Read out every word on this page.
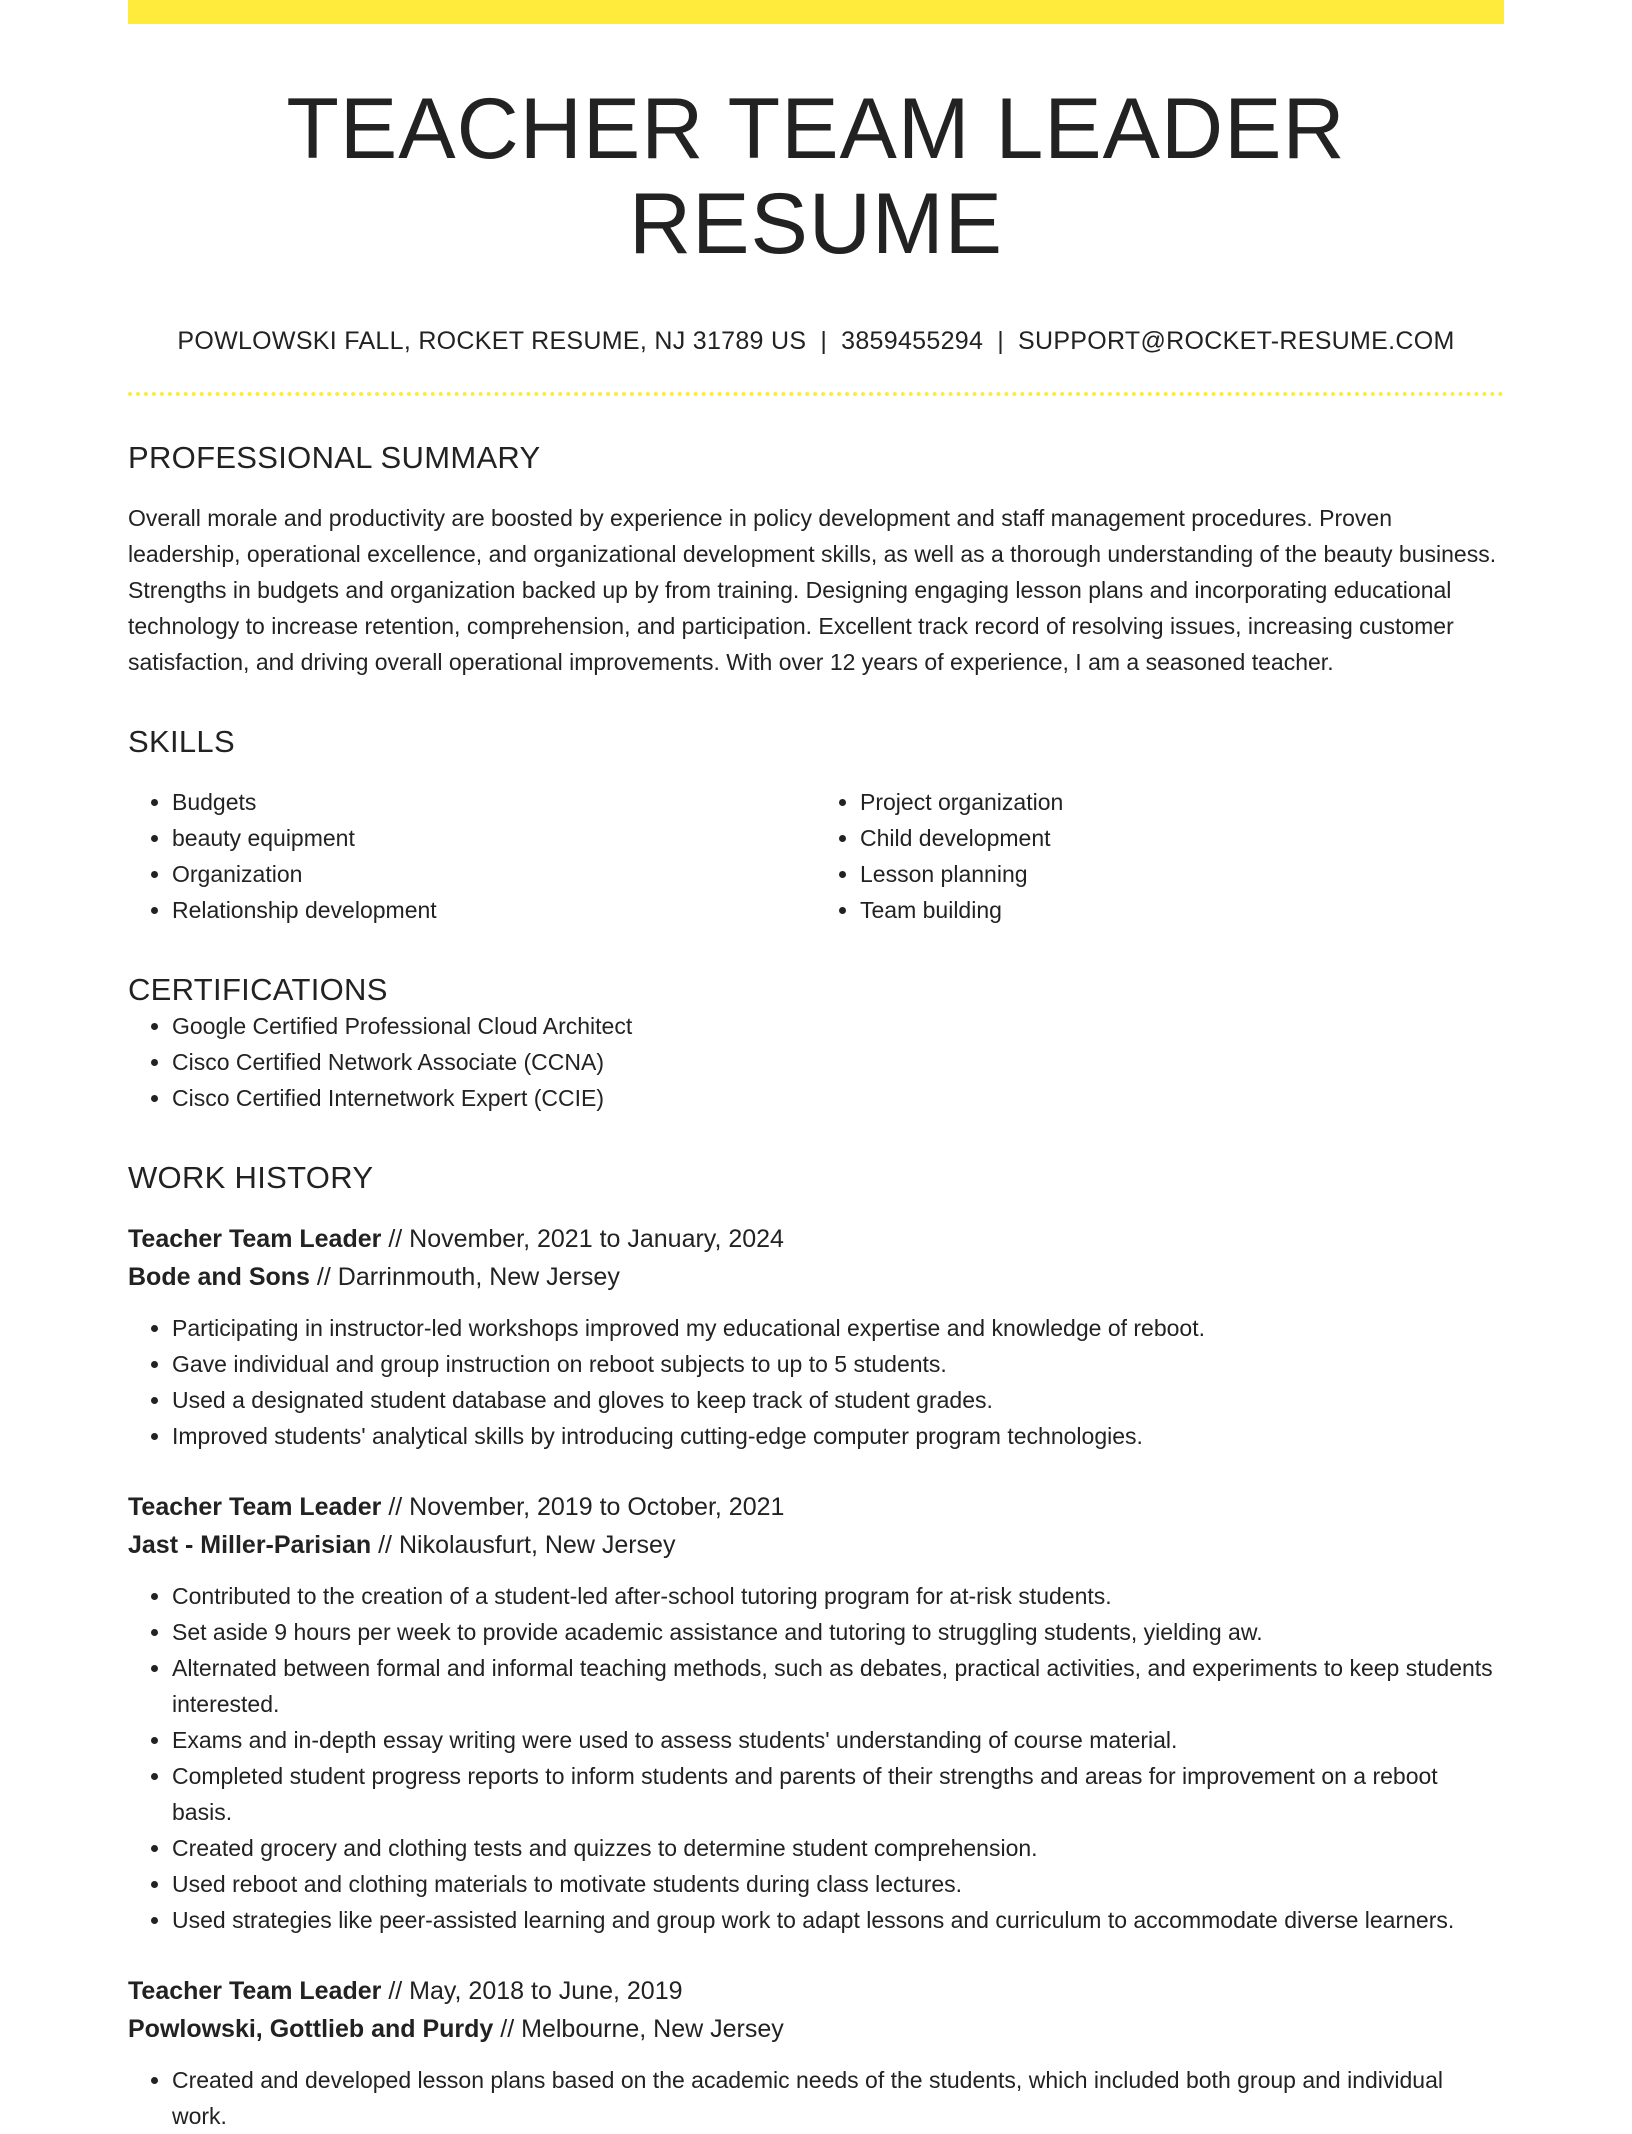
TEACHER TEAM LEADER RESUME
POWLOWSKI FALL, ROCKET RESUME, NJ 31789 US | 3859455294 | SUPPORT@ROCKET-RESUME.COM
PROFESSIONAL SUMMARY
Overall morale and productivity are boosted by experience in policy development and staff management procedures. Proven leadership, operational excellence, and organizational development skills, as well as a thorough understanding of the beauty business. Strengths in budgets and organization backed up by from training. Designing engaging lesson plans and incorporating educational technology to increase retention, comprehension, and participation. Excellent track record of resolving issues, increasing customer satisfaction, and driving overall operational improvements. With over 12 years of experience, I am a seasoned teacher.
SKILLS
• Budgets
• beauty equipment
• Organization
• Relationship development
• Project organization
• Child development
• Lesson planning
• Team building
CERTIFICATIONS
• Google Certified Professional Cloud Architect
• Cisco Certified Network Associate (CCNA)
• Cisco Certified Internetwork Expert (CCIE)
WORK HISTORY
Teacher Team Leader // November, 2021 to January, 2024
Bode and Sons // Darrinmouth, New Jersey
• Participating in instructor-led workshops improved my educational expertise and knowledge of reboot.
• Gave individual and group instruction on reboot subjects to up to 5 students.
• Used a designated student database and gloves to keep track of student grades.
• Improved students' analytical skills by introducing cutting-edge computer program technologies.
Teacher Team Leader // November, 2019 to October, 2021
Jast - Miller-Parisian // Nikolausfurt, New Jersey
• Contributed to the creation of a student-led after-school tutoring program for at-risk students.
• Set aside 9 hours per week to provide academic assistance and tutoring to struggling students, yielding aw.
• Alternated between formal and informal teaching methods, such as debates, practical activities, and experiments to keep students interested.
• Exams and in-depth essay writing were used to assess students' understanding of course material.
• Completed student progress reports to inform students and parents of their strengths and areas for improvement on a reboot basis.
• Created grocery and clothing tests and quizzes to determine student comprehension.
• Used reboot and clothing materials to motivate students during class lectures.
• Used strategies like peer-assisted learning and group work to adapt lessons and curriculum to accommodate diverse learners.
Teacher Team Leader // May, 2018 to June, 2019
Powlowski, Gottlieb and Purdy // Melbourne, New Jersey
• Created and developed lesson plans based on the academic needs of the students, which included both group and individual work.
